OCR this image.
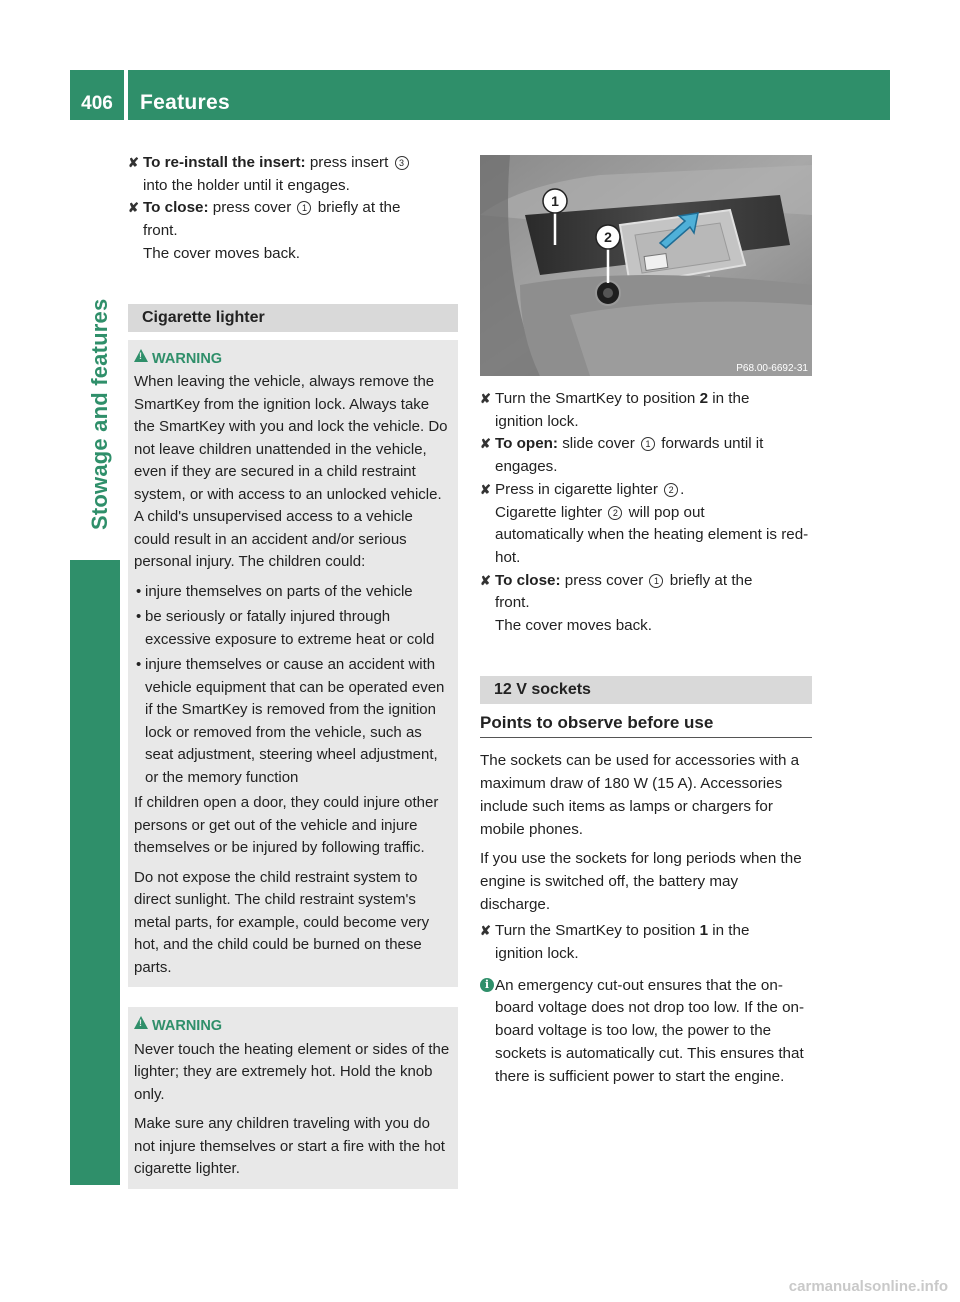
406	Features
Stowage and features
✘ To re-install the insert: press insert 3
into the holder until it engages.
✘ To close: press cover 1 briefly at the
front.
The cover moves back.
Cigarette lighter
!
WARNING
When leaving the vehicle, always remove the SmartKey from the ignition lock. Always take the SmartKey with you and lock the vehicle. Do not leave children unattended in the vehicle, even if they are secured in a child restraint system, or with access to an unlocked vehicle. A child's unsupervised access to a vehicle could result in an accident and/or serious personal injury. The children could:
• injure themselves on parts of the vehicle
• be seriously or fatally injured through excessive exposure to extreme heat or cold
• injure themselves or cause an accident with vehicle equipment that can be operated even if the SmartKey is removed from the ignition lock or removed from the vehicle, such as seat adjustment, steering wheel adjustment, or the memory function
If children open a door, they could injure other persons or get out of the vehicle and injure themselves or be injured by following traffic.
Do not expose the child restraint system to direct sunlight. The child restraint system's metal parts, for example, could become very hot, and the child could be burned on these parts.
!
WARNING
Never touch the heating element or sides of the lighter; they are extremely hot. Hold the knob only.
Make sure any children traveling with you do not injure themselves or start a fire with the hot cigarette lighter.
1
2
P68.00-6692-31
✘ Turn the SmartKey to position 2 in the
ignition lock.
✘ To open: slide cover 1 forwards until it
engages.
✘ Press in cigarette lighter 2 .
Cigarette lighter 2 will pop out
automatically when the heating element is red-hot.
✘ To close: press cover 1 briefly at the
front.
The cover moves back.
12 V sockets
Points to observe before use
The sockets can be used for accessories with a maximum draw of 180 W (15 A). Accessories include such items as lamps or chargers for mobile phones.
If you use the sockets for long periods when the engine is switched off, the battery may discharge.
✘ Turn the SmartKey to position 1 in the
ignition lock.
i An emergency cut-out ensures that the on-board voltage does not drop too low. If the on-board voltage is too low, the power to the sockets is automatically cut. This ensures that there is sufficient power to start the engine.
carmanualsonline.info
